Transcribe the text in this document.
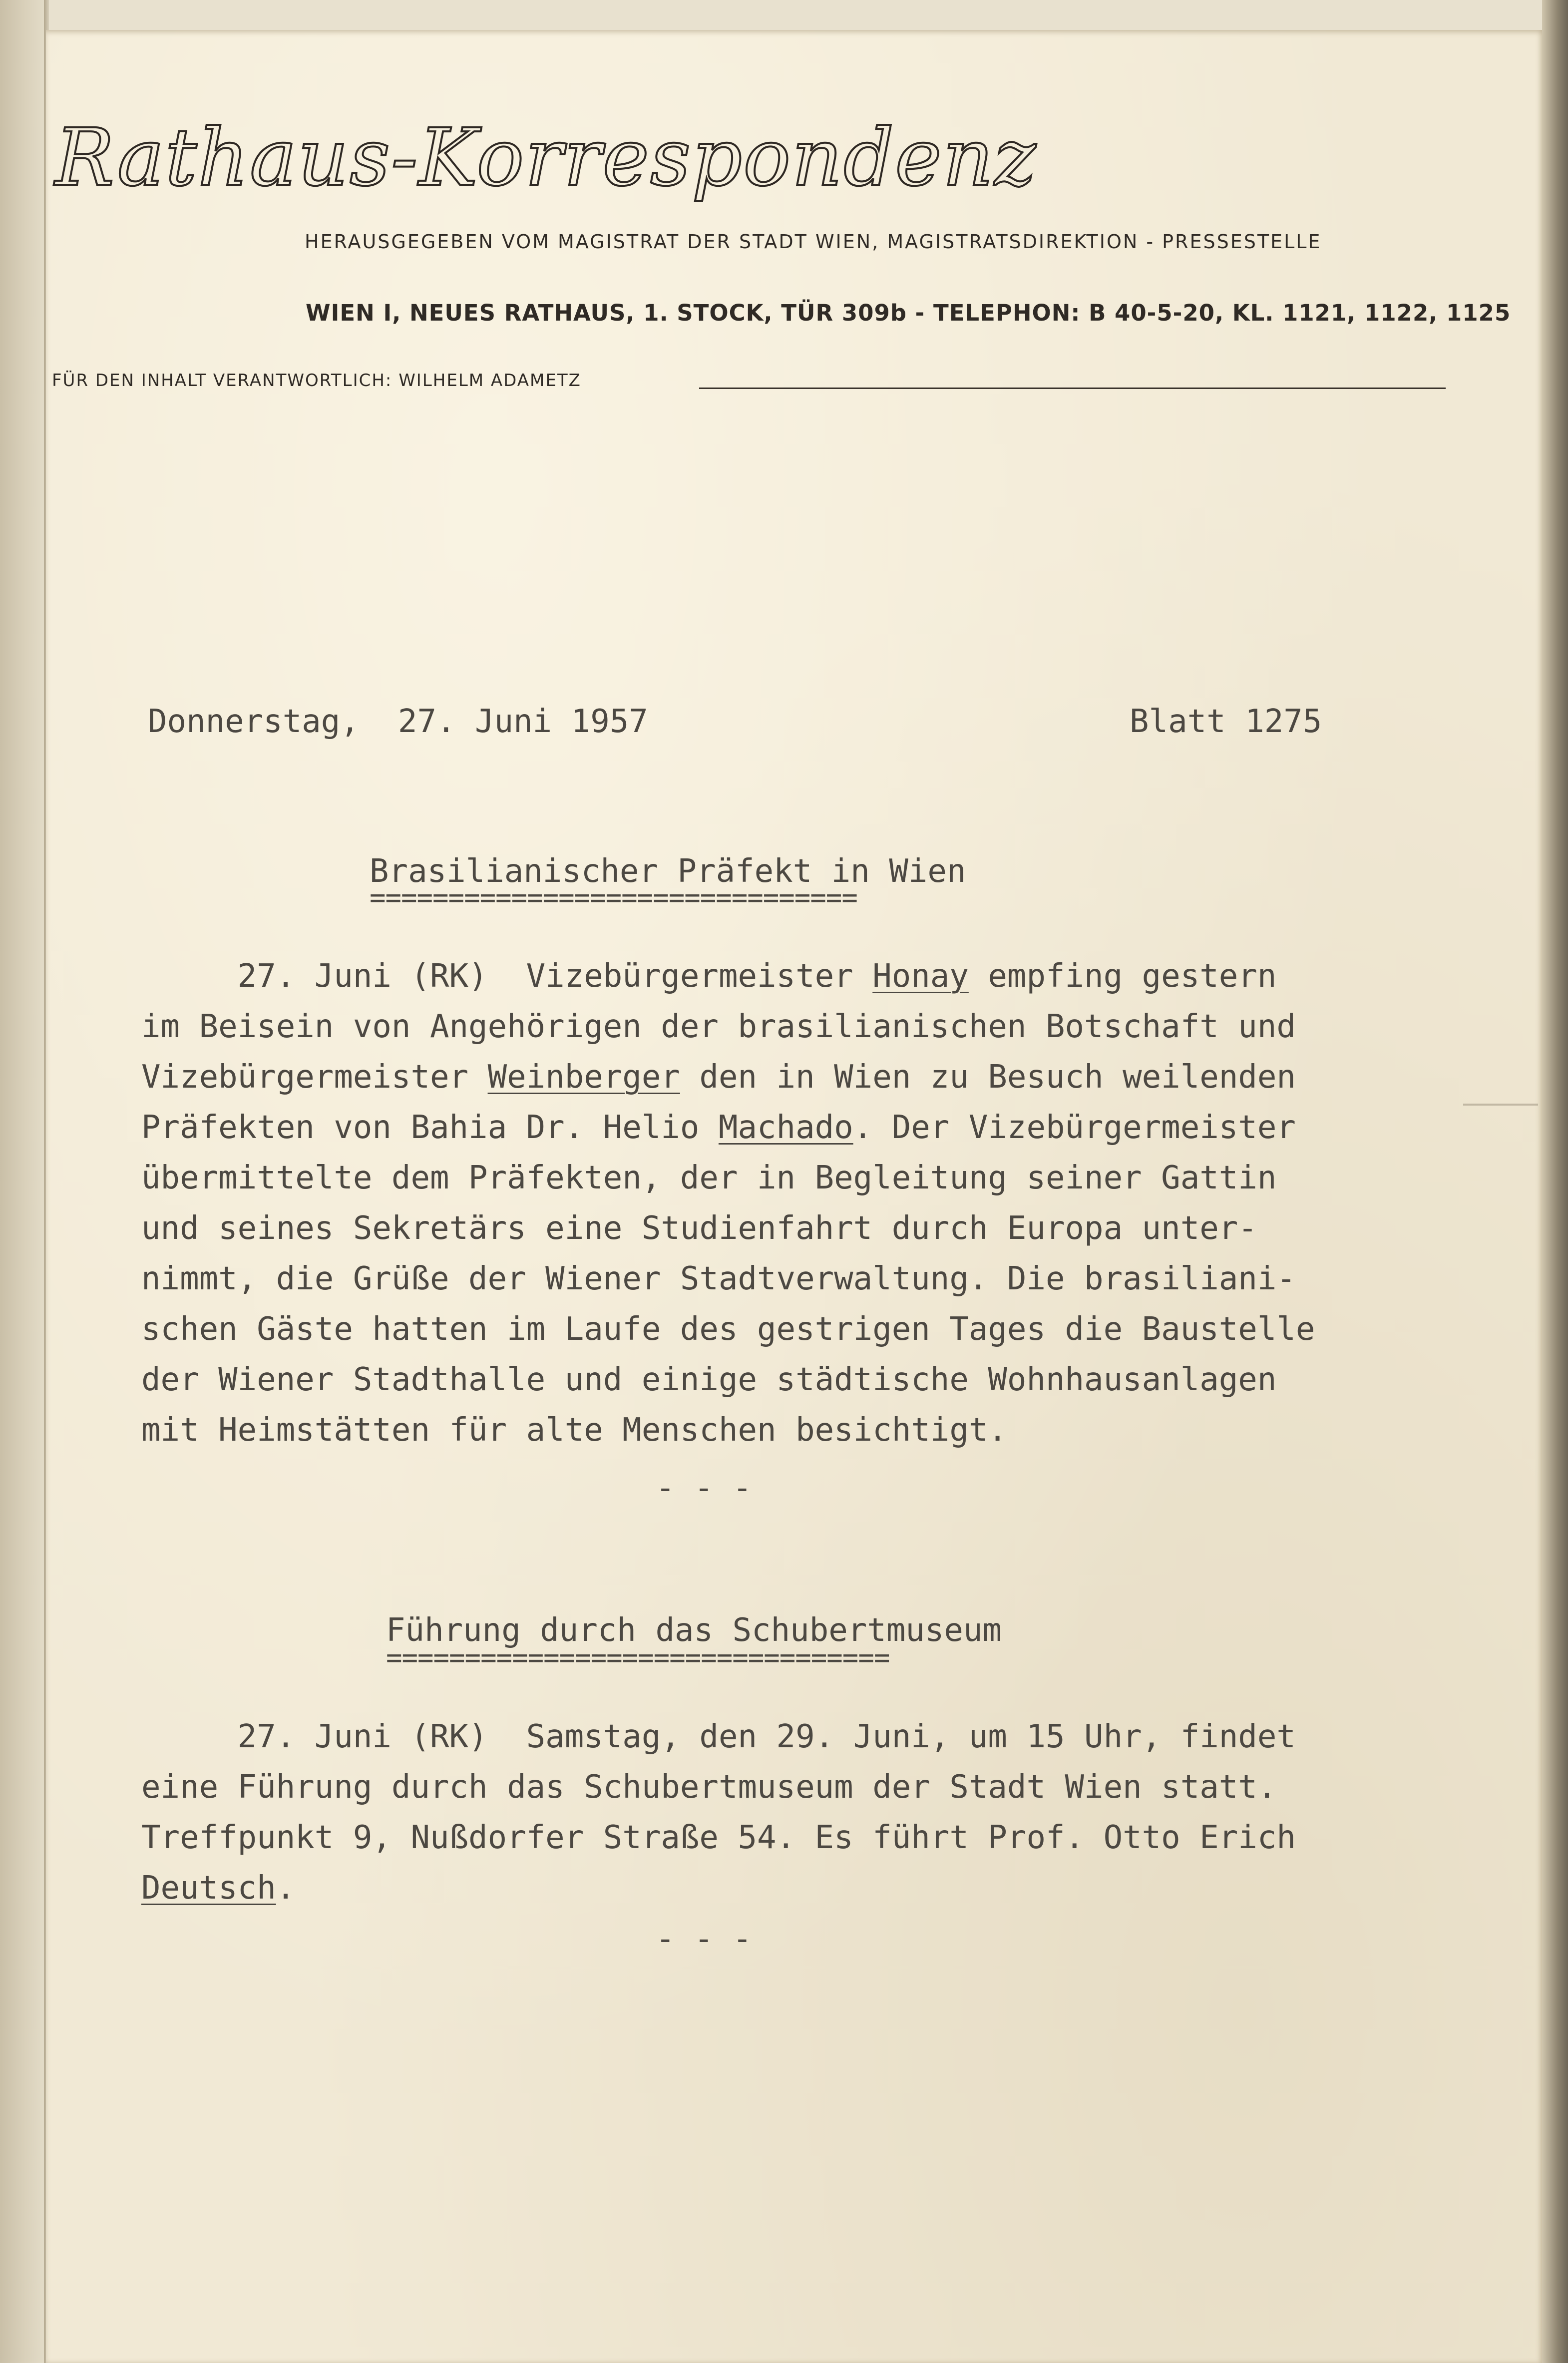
Rathaus-Korrespondenz
HERAUSGEGEBEN VOM MAGISTRAT DER STADT WIEN, MAGISTRATSDIREKTION - PRESSESTELLE
WIEN I, NEUES RATHAUS, 1. STOCK, TÜR 309b - TELEPHON: B 40-5-20, KL. 1121, 1122, 1125
FÜR DEN INHALT VERANTWORTLICH: WILHELM ADAMETZ
Donnerstag,  27. Juni 1957	Blatt 1275
Brasilianischer Präfekt in Wien
===============================
27. Juni (RK)  Vizebürgermeister Honay empfing gestern
im Beisein von Angehörigen der brasilianischen Botschaft und
Vizebürgermeister Weinberger den in Wien zu Besuch weilenden
Präfekten von Bahia Dr. Helio Machado. Der Vizebürgermeister
übermittelte dem Präfekten, der in Begleitung seiner Gattin
und seines Sekretärs eine Studienfahrt durch Europa unter-
nimmt, die Grüße der Wiener Stadtverwaltung. Die brasiliani-
schen Gäste hatten im Laufe des gestrigen Tages die Baustelle
der Wiener Stadthalle und einige städtische Wohnhausanlagen
mit Heimstätten für alte Menschen besichtigt.
- - -
Führung durch das Schubertmuseum
================================
27. Juni (RK)  Samstag, den 29. Juni, um 15 Uhr, findet
eine Führung durch das Schubertmuseum der Stadt Wien statt.
Treffpunkt 9, Nußdorfer Straße 54. Es führt Prof. Otto Erich
Deutsch.
- - -
